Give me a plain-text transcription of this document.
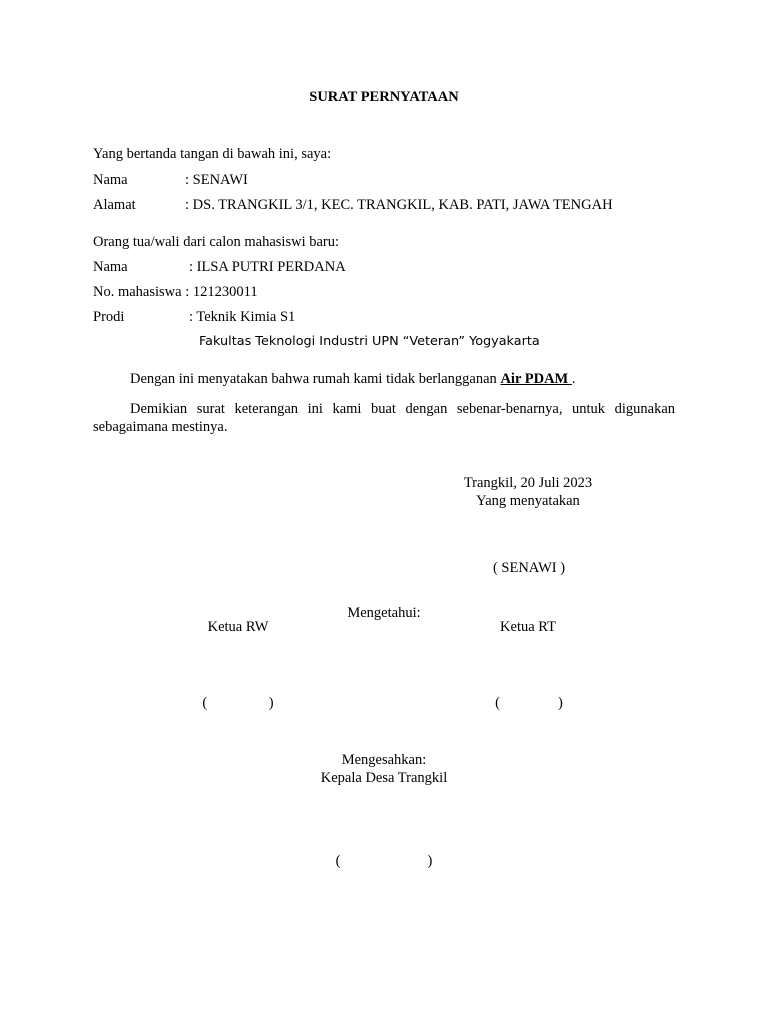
SURAT PERNYATAAN
Yang bertanda tangan di bawah ini, saya:
Nama	: SENAWI
Alamat	: DS. TRANGKIL 3/1, KEC. TRANGKIL, KAB. PATI, JAWA TENGAH
Orang tua/wali dari calon mahasiswi baru:
Nama	: ILSA PUTRI PERDANA
No. mahasiswa : 121230011
Prodi	: Teknik Kimia S1
Fakultas Teknologi Industri UPN “Veteran” Yogyakarta
Dengan ini menyatakan bahwa rumah kami tidak berlangganan Air PDAM .
Demikian surat keterangan ini kami buat dengan sebenar-benarnya, untuk digunakan
sebagaimana mestinya.
Trangkil, 20 Juli 2023
Yang menyatakan
( SENAWI )
Mengetahui:
Ketua RW	Ketua RT
(                 )	(                )
Mengesahkan:
Kepala Desa Trangkil
(                        )
